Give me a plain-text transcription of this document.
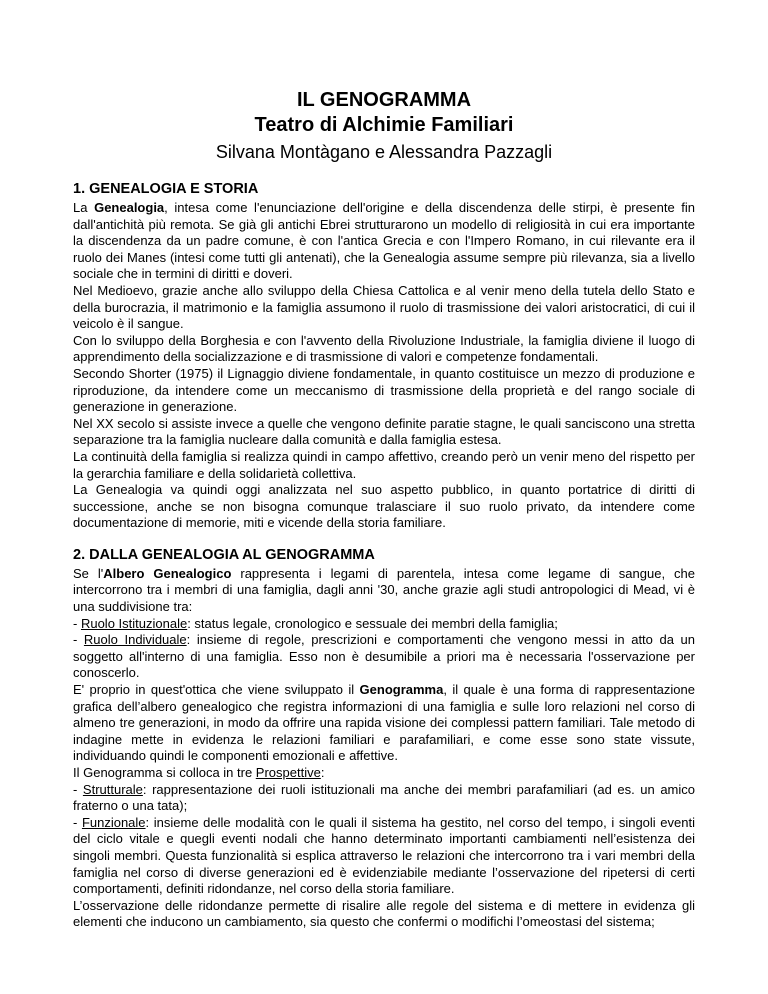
IL GENOGRAMMA

Teatro di Alchimie Familiari

Silvana Montàgano e Alessandra Pazzagli

1. GENEALOGIA E STORIA

La Genealogia, intesa come l'enunciazione dell'origine e della discendenza delle stirpi, è presente fin dall'antichità più remota. Se già gli antichi Ebrei strutturarono un modello di religiosità in cui era importante la discendenza da un padre comune, è con l'antica Grecia e con l'Impero Romano, in cui rilevante era il ruolo dei Manes (intesi come tutti gli antenati), che la Genealogia assume sempre più rilevanza, sia a livello sociale che in termini di diritti e doveri.

Nel Medioevo, grazie anche allo sviluppo della Chiesa Cattolica e al venir meno della tutela dello Stato e della burocrazia, il matrimonio e la famiglia assumono il ruolo di trasmissione dei valori aristocratici, di cui il veicolo è il sangue.

Con lo sviluppo della Borghesia e con l'avvento della Rivoluzione Industriale, la famiglia diviene il luogo di apprendimento della socializzazione e di trasmissione di valori e competenze fondamentali.

Secondo Shorter (1975) il Lignaggio diviene fondamentale, in quanto costituisce un mezzo di produzione e riproduzione, da intendere come un meccanismo di trasmissione della proprietà e del rango sociale di generazione in generazione.

Nel XX secolo si assiste invece a quelle che vengono definite paratie stagne, le quali sanciscono una stretta separazione tra la famiglia nucleare dalla comunità e dalla famiglia estesa.

La continuità della famiglia si realizza quindi in campo affettivo, creando però un venir meno del rispetto per la gerarchia familiare e della solidarietà collettiva.

La Genealogia va quindi oggi analizzata nel suo aspetto pubblico, in quanto portatrice di diritti di successione, anche se non bisogna comunque tralasciare il suo ruolo privato, da intendere come documentazione di memorie, miti e vicende della storia familiare.

2. DALLA GENEALOGIA AL GENOGRAMMA

Se l'Albero Genealogico rappresenta i legami di parentela, intesa come legame di sangue, che intercorrono tra i membri di una famiglia, dagli anni '30, anche grazie agli studi antropologici di Mead, vi è una suddivisione tra:

- Ruolo Istituzionale: status legale, cronologico e sessuale dei membri della famiglia;

- Ruolo Individuale: insieme di regole, prescrizioni e comportamenti che vengono messi in atto da un soggetto all'interno di una famiglia. Esso non è desumibile a priori ma è necessaria l'osservazione per conoscerlo.

E' proprio in quest'ottica che viene sviluppato il Genogramma, il quale è una forma di rappresentazione grafica dell’albero genealogico che registra informazioni di una famiglia e sulle loro relazioni nel corso di almeno tre generazioni, in modo da offrire una rapida visione dei complessi pattern familiari. Tale metodo di indagine mette in evidenza le relazioni familiari e parafamiliari, e come esse sono state vissute, individuando quindi le componenti emozionali e affettive.

Il Genogramma si colloca in tre Prospettive:

- Strutturale: rappresentazione dei ruoli istituzionali ma anche dei membri parafamiliari (ad es. un amico fraterno o una tata);

- Funzionale: insieme delle modalità con le quali il sistema ha gestito, nel corso del tempo, i singoli eventi del ciclo vitale e quegli eventi nodali che hanno determinato importanti cambiamenti nell’esistenza dei singoli membri. Questa funzionalità si esplica attraverso le relazioni che intercorrono tra i vari membri della famiglia nel corso di diverse generazioni ed è evidenziabile mediante l’osservazione del ripetersi di certi comportamenti, definiti ridondanze, nel corso della storia familiare.

L’osservazione delle ridondanze permette di risalire alle regole del sistema e di mettere in evidenza gli elementi che inducono un cambiamento, sia questo che confermi o modifichi l’omeostasi del sistema;
